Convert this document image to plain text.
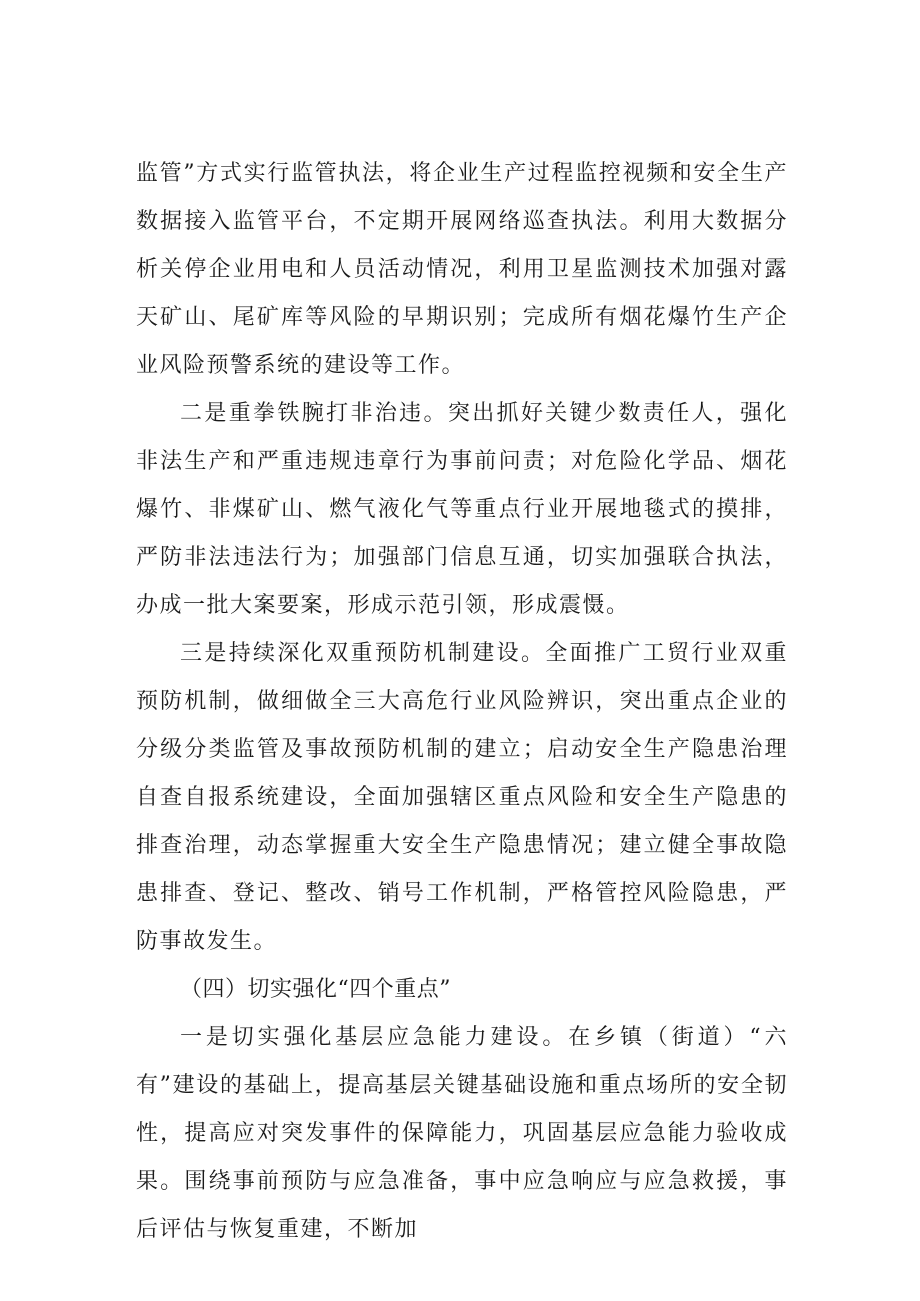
监管”方式实行监管执法，将企业生产过程监控视频和安全生产数据接入监管平台，不定期开展网络巡查执法。利用大数据分析关停企业用电和人员活动情况，利用卫星监测技术加强对露天矿山、尾矿库等风险的早期识别；完成所有烟花爆竹生产企业风险预警系统的建设等工作。

二是重拳铁腕打非治违。突出抓好关键少数责任人，强化非法生产和严重违规违章行为事前问责；对危险化学品、烟花爆竹、非煤矿山、燃气液化气等重点行业开展地毯式的摸排，严防非法违法行为；加强部门信息互通，切实加强联合执法，办成一批大案要案，形成示范引领，形成震慑。

三是持续深化双重预防机制建设。全面推广工贸行业双重预防机制，做细做全三大高危行业风险辨识，突出重点企业的分级分类监管及事故预防机制的建立；启动安全生产隐患治理自查自报系统建设，全面加强辖区重点风险和安全生产隐患的排查治理，动态掌握重大安全生产隐患情况；建立健全事故隐患排查、登记、整改、销号工作机制，严格管控风险隐患，严防事故发生。

（四）切实强化“四个重点”

一是切实强化基层应急能力建设。在乡镇（街道）“六有”建设的基础上，提高基层关键基础设施和重点场所的安全韧性，提高应对突发事件的保障能力，巩固基层应急能力验收成果。围绕事前预防与应急准备，事中应急响应与应急救援，事后评估与恢复重建，不断加
